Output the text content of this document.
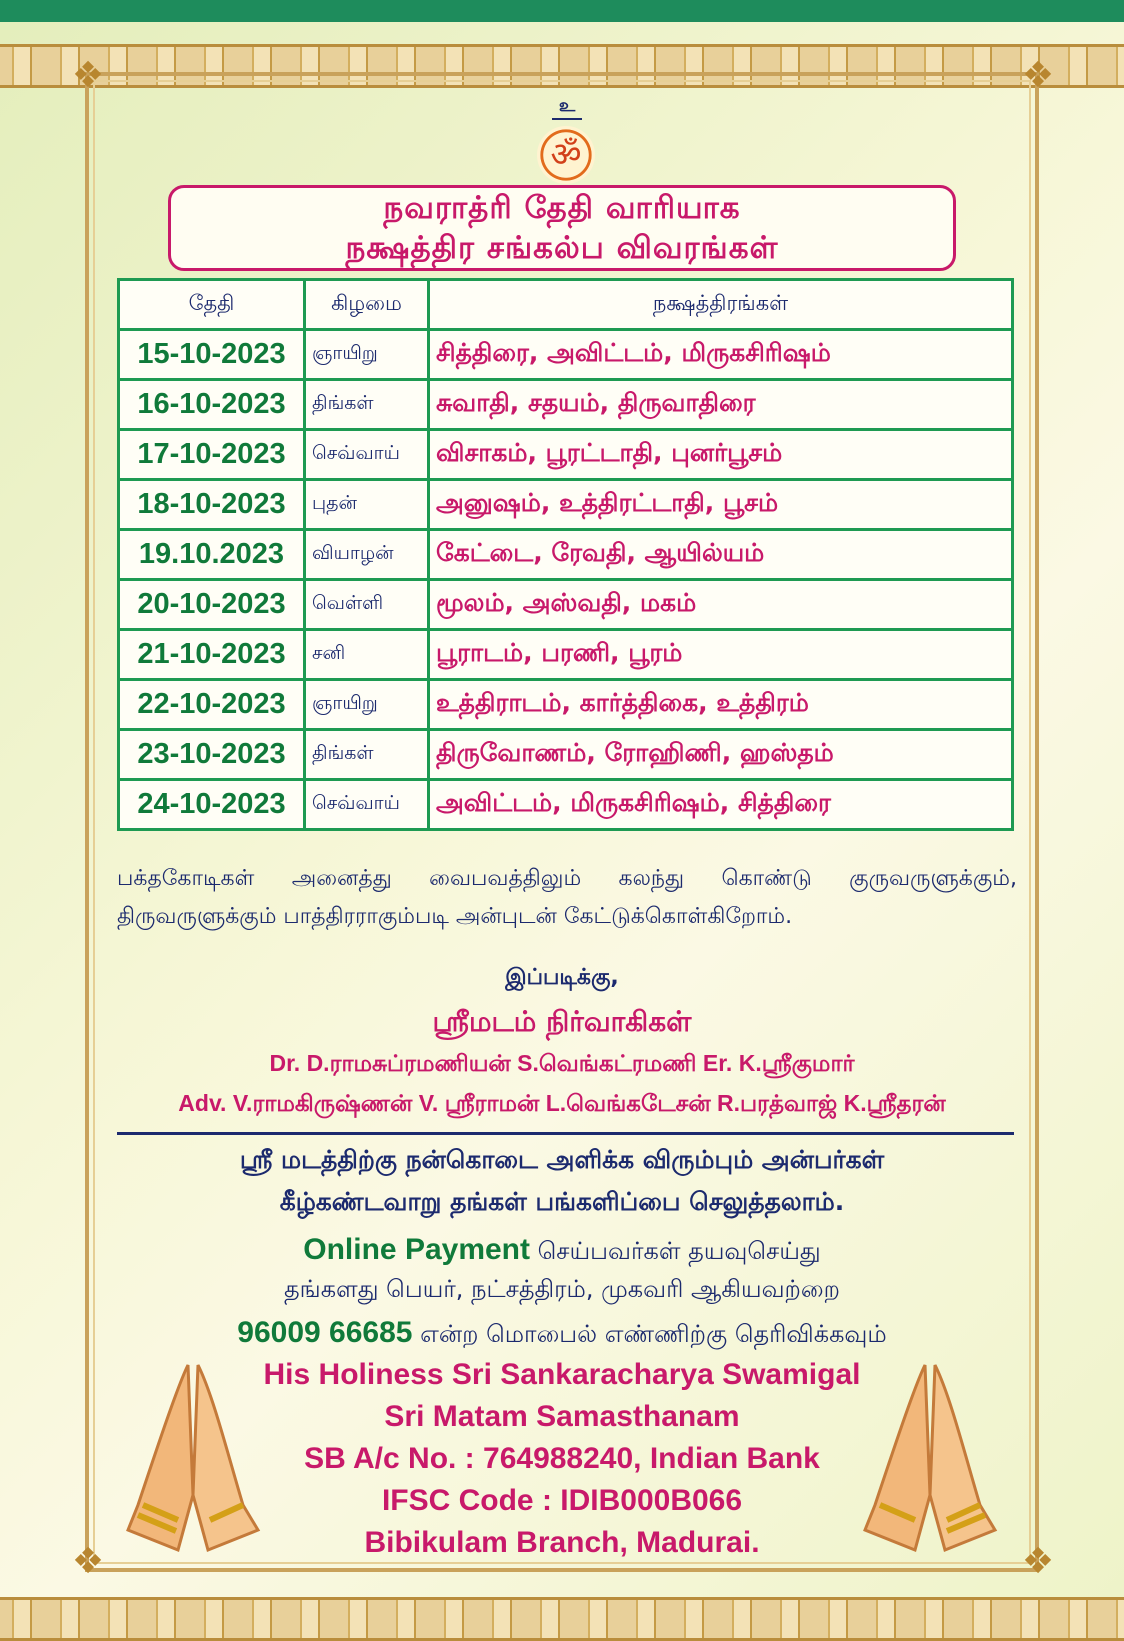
❖	❖
❖	❖
உ
ॐ
நவராத்ரி தேதி வாரியாக
நக்ஷத்திர சங்கல்ப விவரங்கள்
தேதி	கிழமை	நக்ஷத்திரங்கள்
15-10-2023	ஞாயிறு	சித்திரை, அவிட்டம், மிருகசிரிஷம்
16-10-2023	திங்கள்	சுவாதி, சதயம், திருவாதிரை
17-10-2023	செவ்வாய்	விசாகம், பூரட்டாதி, புனர்பூசம்
18-10-2023	புதன்	அனுஷம், உத்திரட்டாதி, பூசம்
19.10.2023	வியாழன்	கேட்டை, ரேவதி, ஆயில்யம்
20-10-2023	வெள்ளி	மூலம், அஸ்வதி, மகம்
21-10-2023	சனி	பூராடம், பரணி, பூரம்
22-10-2023	ஞாயிறு	உத்திராடம், கார்த்திகை, உத்திரம்
23-10-2023	திங்கள்	திருவோணம், ரோஹிணி, ஹஸ்தம்
24-10-2023	செவ்வாய்	அவிட்டம், மிருகசிரிஷம், சித்திரை
பக்தகோடிகள் அனைத்து வைபவத்திலும் கலந்து கொண்டு குருவருளுக்கும், திருவருளுக்கும் பாத்திரராகும்படி அன்புடன் கேட்டுக்கொள்கிறோம்.
இப்படிக்கு,
ஸ்ரீமடம் நிர்வாகிகள்
Dr. D.ராமசுப்ரமணியன் S.வெங்கட்ரமணி Er. K.ஸ்ரீகுமார்
Adv. V.ராமகிருஷ்ணன் V. ஸ்ரீராமன் L.வெங்கடேசன் R.பரத்வாஜ் K.ஸ்ரீதரன்
ஸ்ரீ மடத்திற்கு நன்கொடை அளிக்க விரும்பும் அன்பர்கள்
கீழ்கண்டவாறு தங்கள் பங்களிப்பை செலுத்தலாம்.
Online Payment செய்பவர்கள் தயவுசெய்து
தங்களது பெயர், நட்சத்திரம், முகவரி ஆகியவற்றை
96009 66685 என்ற மொபைல் எண்ணிற்கு தெரிவிக்கவும்
His Holiness Sri Sankaracharya Swamigal
Sri Matam Samasthanam
SB A/c No. : 764988240, Indian Bank
IFSC Code : IDIB000B066
Bibikulam Branch, Madurai.
